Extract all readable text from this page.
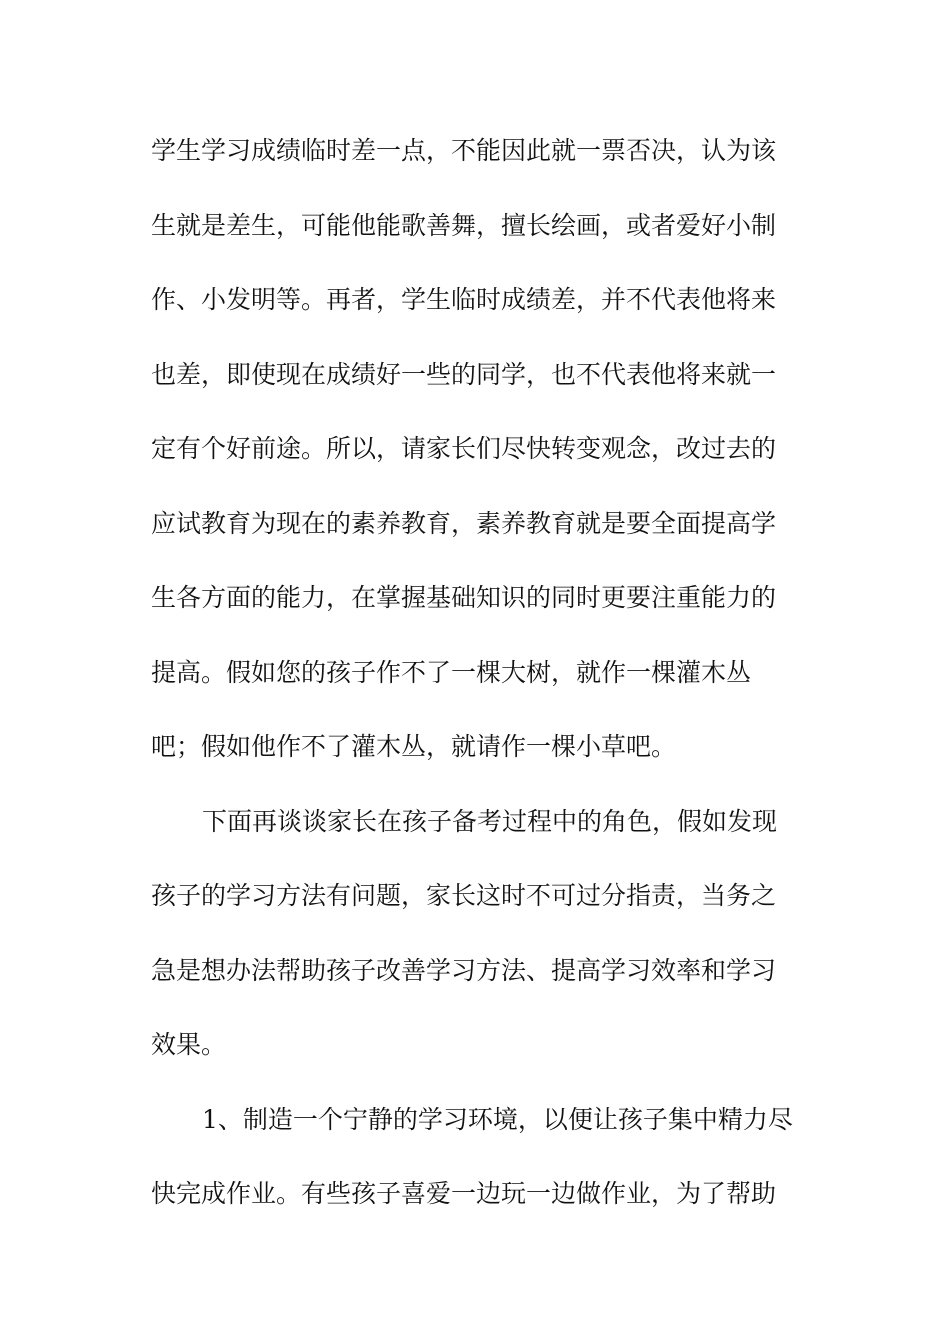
学生学习成绩临时差一点，不能因此就一票否决，认为该
生就是差生，可能他能歌善舞，擅长绘画，或者爱好小制
作、小发明等。再者，学生临时成绩差，并不代表他将来
也差，即使现在成绩好一些的同学，也不代表他将来就一
定有个好前途。所以，请家长们尽快转变观念，改过去的
应试教育为现在的素养教育，素养教育就是要全面提高学
生各方面的能力，在掌握基础知识的同时更要注重能力的
提高。假如您的孩子作不了一棵大树，就作一棵灌木丛
吧；假如他作不了灌木丛，就请作一棵小草吧。
下面再谈谈家长在孩子备考过程中的角色，假如发现
孩子的学习方法有问题，家长这时不可过分指责，当务之
急是想办法帮助孩子改善学习方法、提高学习效率和学习
效果。
1、制造一个宁静的学习环境，以便让孩子集中精力尽
快完成作业。有些孩子喜爱一边玩一边做作业，为了帮助
